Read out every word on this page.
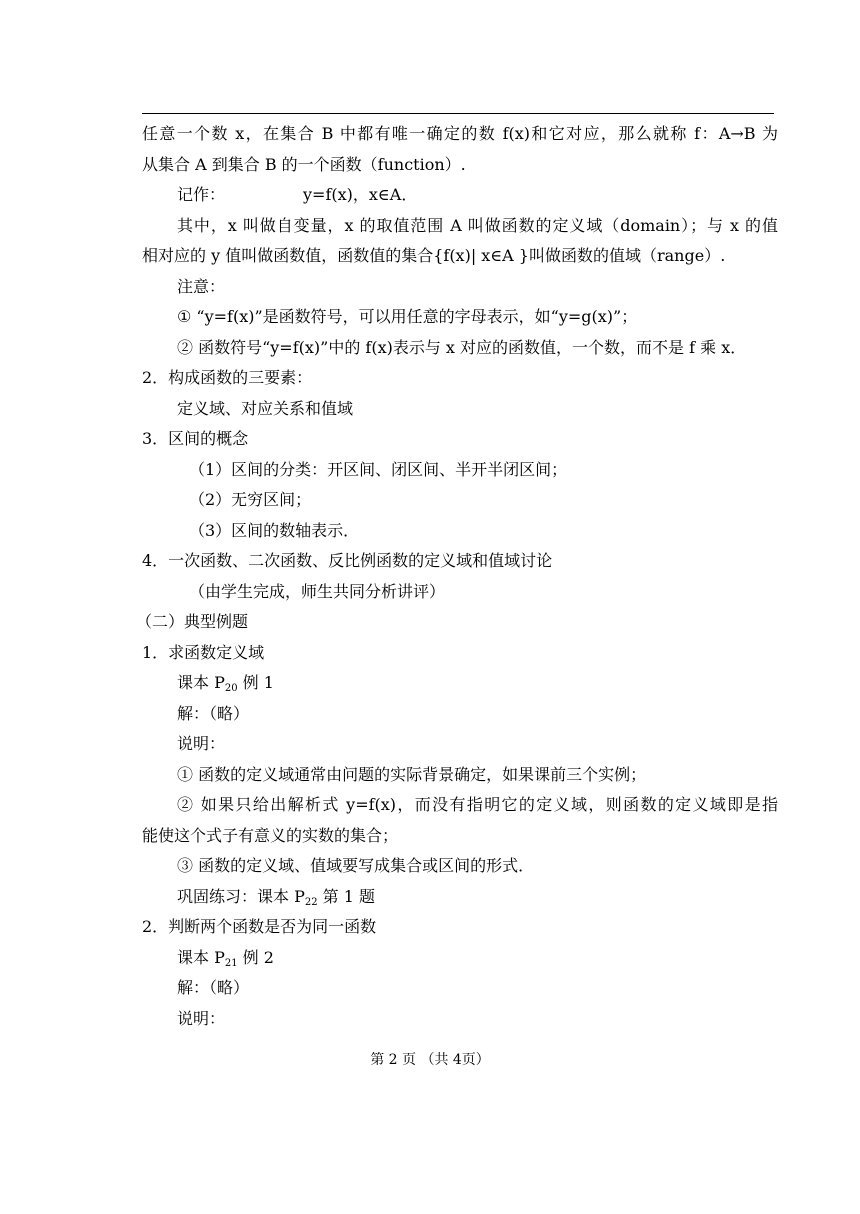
任意一个数 x，在集合 B 中都有唯一确定的数 f(x)和它对应，那么就称 f：A→B 为
从集合 A 到集合 B 的一个函数（function）.
记作：	y=f(x)，x∈A．
其中，x 叫做自变量，x 的取值范围 A 叫做函数的定义域（domain）；与 x 的值
相对应的 y 值叫做函数值，函数值的集合{f(x)| x∈A }叫做函数的值域（range）.
注意：
① “y=f(x)”是函数符号，可以用任意的字母表示，如“y=g(x)”；
② 函数符号“y=f(x)”中的 f(x)表示与 x 对应的函数值，一个数，而不是 f 乘 x．
2．构成函数的三要素：
定义域、对应关系和值域
3．区间的概念
（1）区间的分类：开区间、闭区间、半开半闭区间；
（2）无穷区间；
（3）区间的数轴表示．
4．一次函数、二次函数、反比例函数的定义域和值域讨论
（由学生完成，师生共同分析讲评）
（二）典型例题
1．求函数定义域
课本 $P_{20}$ 例 1
解：（略）
说明：
① 函数的定义域通常由问题的实际背景确定，如果课前三个实例；
② 如果只给出解析式 y=f(x)，而没有指明它的定义域，则函数的定义域即是指
能使这个式子有意义的实数的集合；
③ 函数的定义域、值域要写成集合或区间的形式．
巩固练习：课本 $P_{22}$ 第 1 题
2．判断两个函数是否为同一函数
课本 $P_{21}$ 例 2
解：（略）
说明：
第 2 页 （共 4页）
